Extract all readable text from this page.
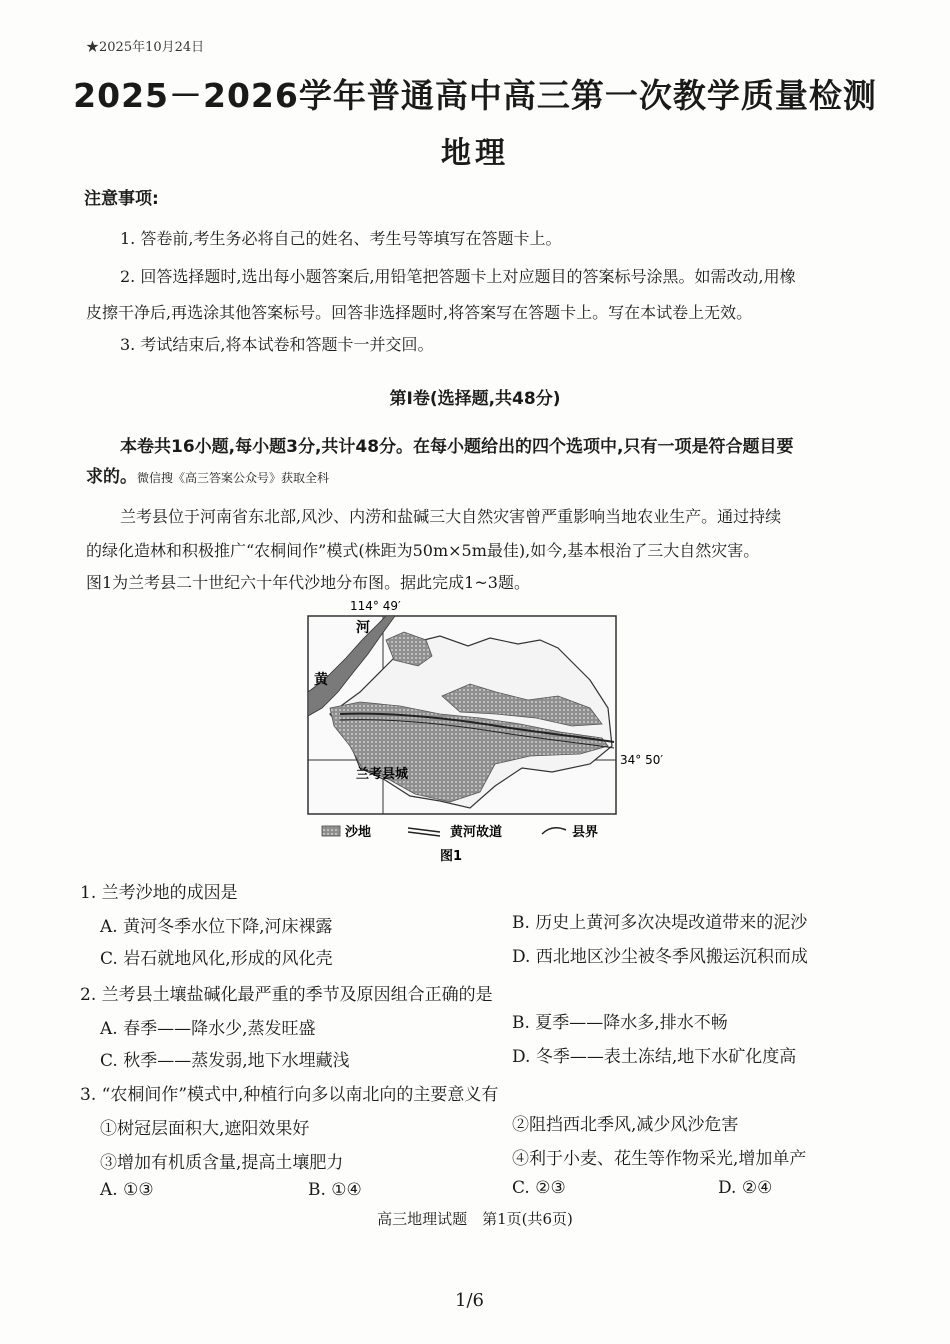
★2025年10月24日
2025－2026学年普通高中高三第一次教学质量检测
地理
注意事项:
1. 答卷前,考生务必将自己的姓名、考生号等填写在答题卡上。
2. 回答选择题时,选出每小题答案后,用铅笔把答题卡上对应题目的答案标号涂黑。如需改动,用橡
皮擦干净后,再选涂其他答案标号。回答非选择题时,将答案写在答题卡上。写在本试卷上无效。
3. 考试结束后,将本试卷和答题卡一并交回。
第Ⅰ卷(选择题,共48分)
本卷共16小题,每小题3分,共计48分。在每小题给出的四个选项中,只有一项是符合题目要
求的。微信搜《高三答案公众号》获取全科
兰考县位于河南省东北部,风沙、内涝和盐碱三大自然灾害曾严重影响当地农业生产。通过持续
的绿化造林和积极推广“农桐间作”模式(株距为50m×5m最佳),如今,基本根治了三大自然灾害。
图1为兰考县二十世纪六十年代沙地分布图。据此完成1~3题。
114° 49′
34° 50′
河
黄
兰考县城
沙地	黄河故道	县界
图1
1. 兰考沙地的成因是
A. 黄河冬季水位下降,河床裸露	B. 历史上黄河多次决堤改道带来的泥沙
C. 岩石就地风化,形成的风化壳	D. 西北地区沙尘被冬季风搬运沉积而成
2. 兰考县土壤盐碱化最严重的季节及原因组合正确的是
A. 春季——降水少,蒸发旺盛	B. 夏季——降水多,排水不畅
C. 秋季——蒸发弱,地下水埋藏浅	D. 冬季——表土冻结,地下水矿化度高
3. “农桐间作”模式中,种植行向多以南北向的主要意义有
①树冠层面积大,遮阳效果好	②阻挡西北季风,减少风沙危害
③增加有机质含量,提高土壤肥力	④利于小麦、花生等作物采光,增加单产
A. ①③	B. ①④	C. ②③	D. ②④
高三地理试题　第1页(共6页)
1/6
